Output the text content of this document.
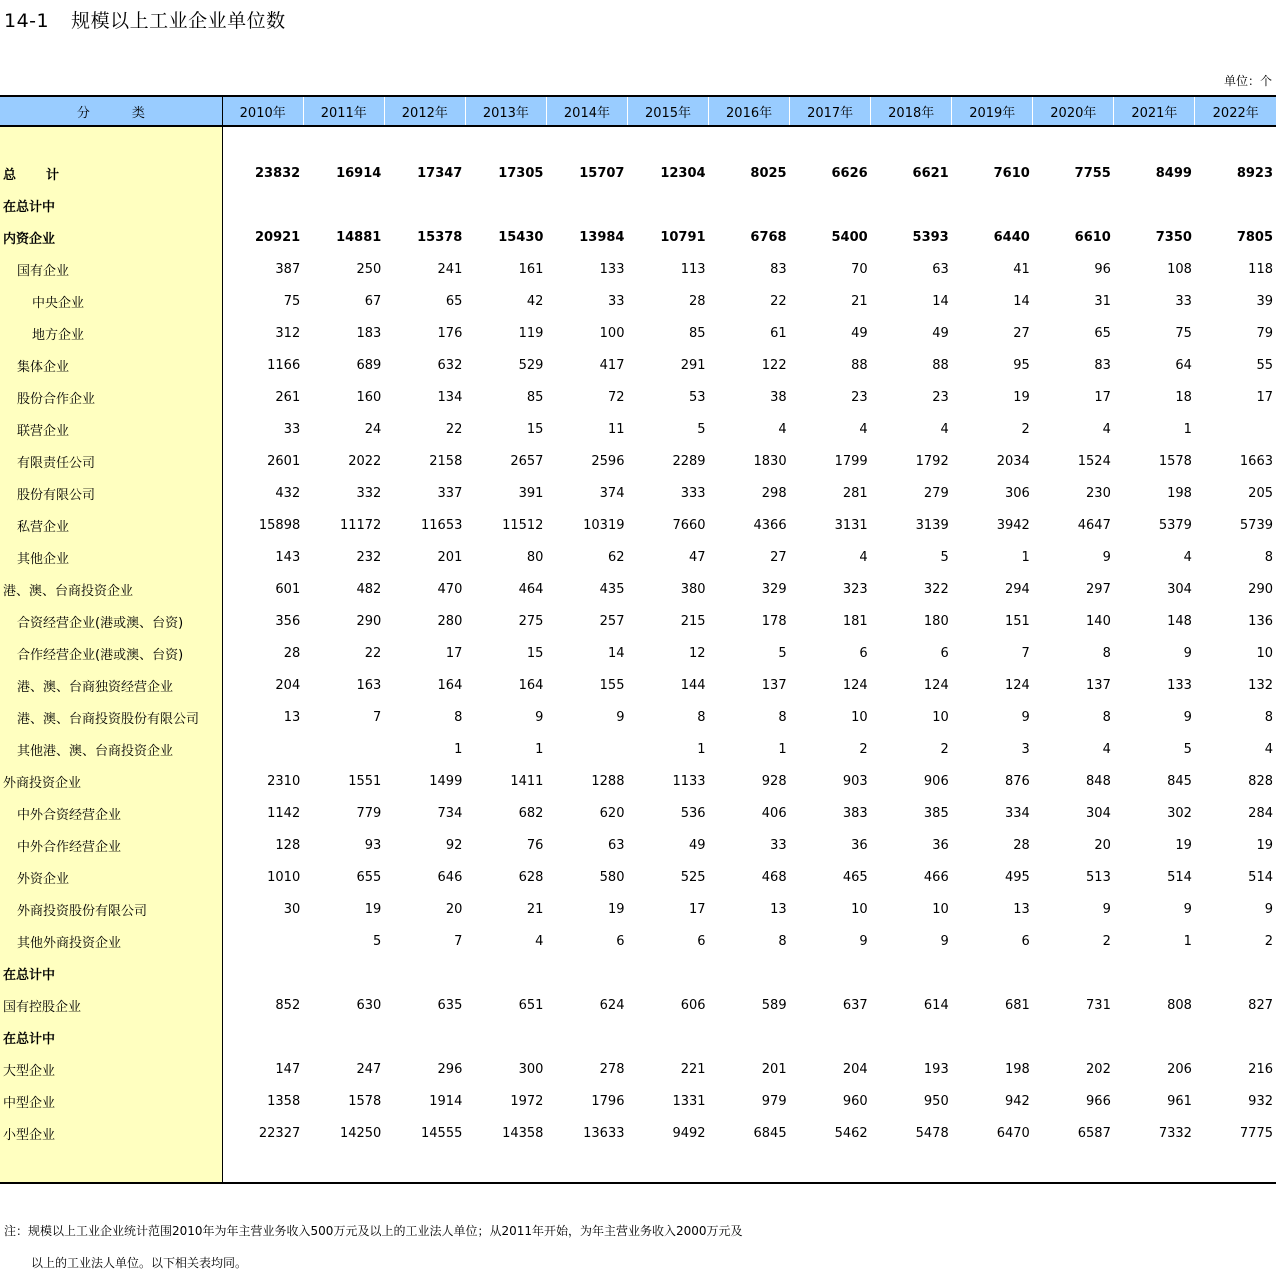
14-1 规模以上工业企业单位数
单位：个
分类	2010年	2011年	2012年	2013年	2014年	2015年	2016年	2017年	2018年	2019年	2020年	2021年	2022年

总计	23832	16914	17347	17305	15707	12304	8025	6626	6621	7610	7755	8499	8923
在总计中													
内资企业	20921	14881	15378	15430	13984	10791	6768	5400	5393	6440	6610	7350	7805
国有企业	387	250	241	161	133	113	83	70	63	41	96	108	118
中央企业	75	67	65	42	33	28	22	21	14	14	31	33	39
地方企业	312	183	176	119	100	85	61	49	49	27	65	75	79
集体企业	1166	689	632	529	417	291	122	88	88	95	83	64	55
股份合作企业	261	160	134	85	72	53	38	23	23	19	17	18	17
联营企业	33	24	22	15	11	5	4	4	4	2	4	1	
有限责任公司	2601	2022	2158	2657	2596	2289	1830	1799	1792	2034	1524	1578	1663
股份有限公司	432	332	337	391	374	333	298	281	279	306	230	198	205
私营企业	15898	11172	11653	11512	10319	7660	4366	3131	3139	3942	4647	5379	5739
其他企业	143	232	201	80	62	47	27	4	5	1	9	4	8
港、澳、台商投资企业	601	482	470	464	435	380	329	323	322	294	297	304	290
合资经营企业(港或澳、台资)	356	290	280	275	257	215	178	181	180	151	140	148	136
合作经营企业(港或澳、台资)	28	22	17	15	14	12	5	6	6	7	8	9	10
港、澳、台商独资经营企业	204	163	164	164	155	144	137	124	124	124	137	133	132
港、澳、台商投资股份有限公司	13	7	8	9	9	8	8	10	10	9	8	9	8
其他港、澳、台商投资企业			1	1		1	1	2	2	3	4	5	4
外商投资企业	2310	1551	1499	1411	1288	1133	928	903	906	876	848	845	828
中外合资经营企业	1142	779	734	682	620	536	406	383	385	334	304	302	284
中外合作经营企业	128	93	92	76	63	49	33	36	36	28	20	19	19
外资企业	1010	655	646	628	580	525	468	465	466	495	513	514	514
外商投资股份有限公司	30	19	20	21	19	17	13	10	10	13	9	9	9
其他外商投资企业		5	7	4	6	6	8	9	9	6	2	1	2
在总计中													
国有控股企业	852	630	635	651	624	606	589	637	614	681	731	808	827
在总计中													
大型企业	147	247	296	300	278	221	201	204	193	198	202	206	216
中型企业	1358	1578	1914	1972	1796	1331	979	960	950	942	966	961	932
小型企业	22327	14250	14555	14358	13633	9492	6845	5462	5478	6470	6587	7332	7775
注：规模以上工业企业统计范围2010年为年主营业务收入500万元及以上的工业法人单位；从2011年开始，为年主营业务收入2000万元及
以上的工业法人单位。以下相关表均同。
